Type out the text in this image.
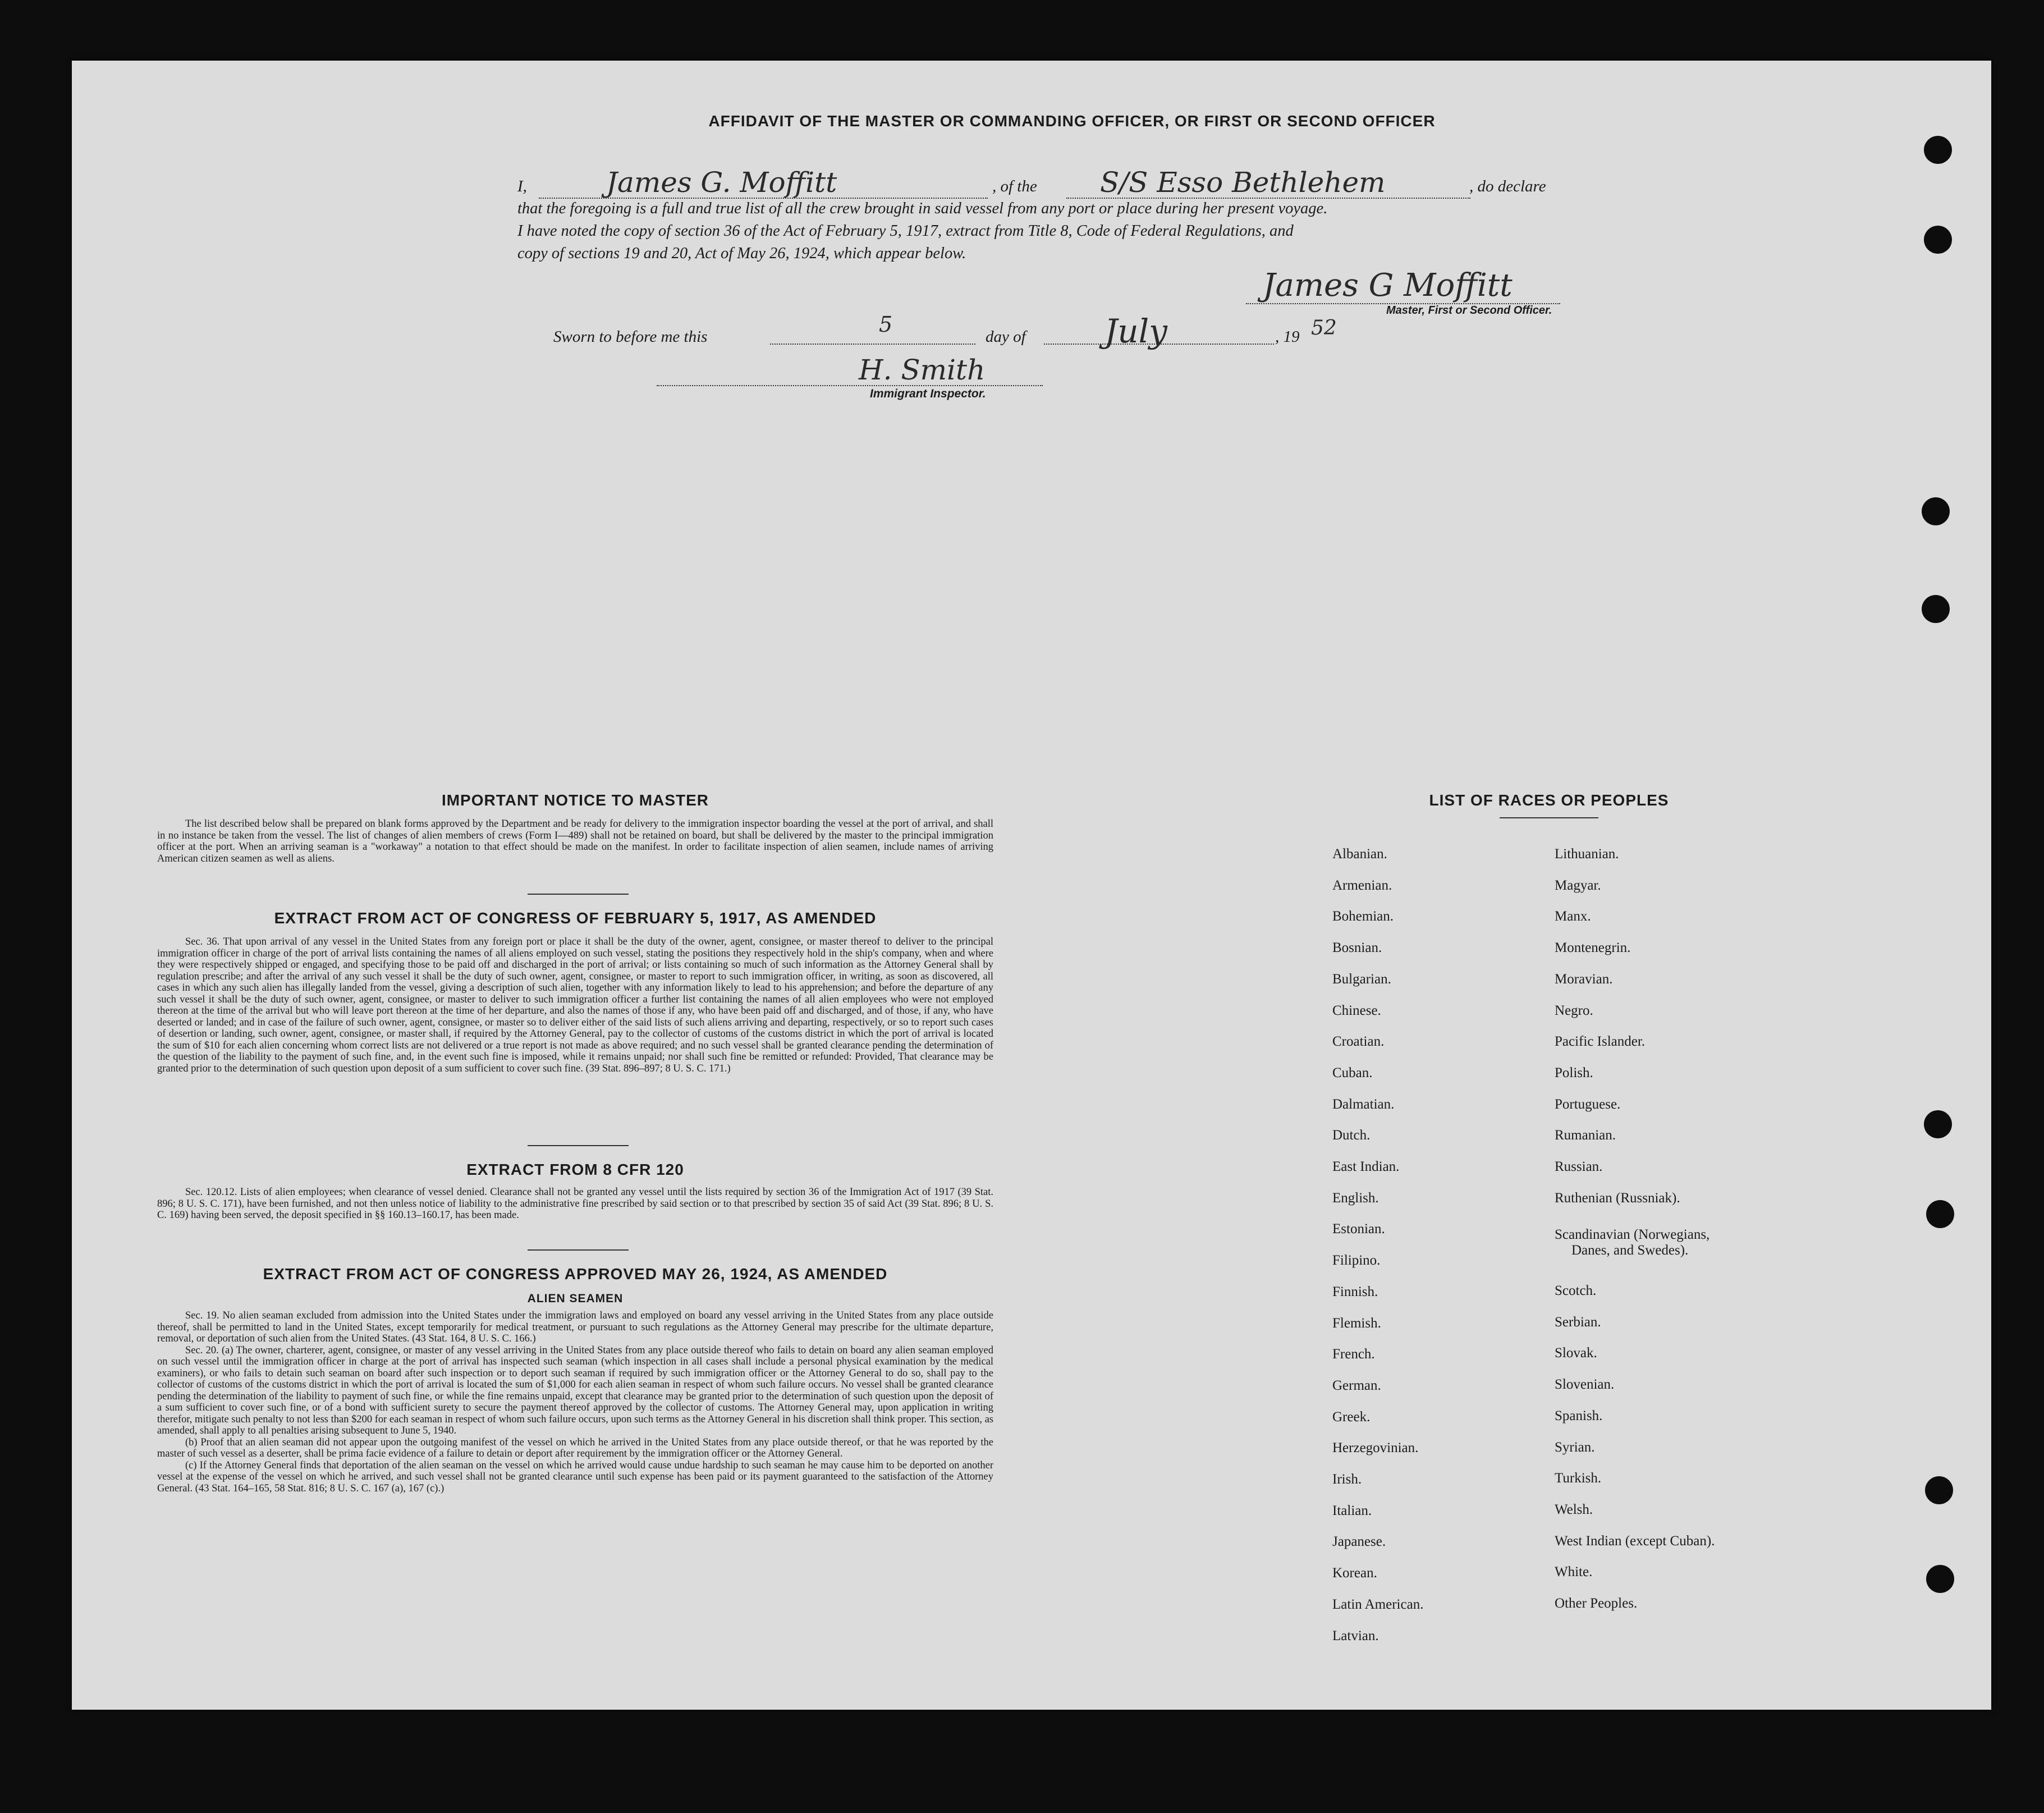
AFFIDAVIT OF THE MASTER OR COMMANDING OFFICER, OR FIRST OR SECOND OFFICER
I,	James G. Moffitt	, of the S/S Esso Bethlehem	, do declare
that the foregoing is a full and true list of all the crew brought in said vessel from any port or place during her present voyage.
I have noted the copy of section 36 of the Act of February 5, 1917, extract from Title 8, Code of Federal Regulations, and
copy of sections 19 and 20, Act of May 26, 1924, which appear below.
James G Moffitt
Master, First or Second Officer.
Sworn to before me this	5	day of July	, 19 52
H. Smith
Immigrant Inspector.
IMPORTANT NOTICE TO MASTER

The list described below shall be prepared on blank forms approved by the Department and be ready for delivery to the immigration inspector boarding the vessel at the port of arrival, and shall in no instance be taken from the vessel. The list of changes of alien members of crews (Form I—489) shall not be retained on board, but shall be delivered by the master to the principal immigration officer at the port. When an arriving seaman is a "workaway" a notation to that effect should be made on the manifest. In order to facilitate inspection of alien seamen, include names of arriving American citizen seamen as well as aliens.

EXTRACT FROM ACT OF CONGRESS OF FEBRUARY 5, 1917, AS AMENDED

Sec. 36. That upon arrival of any vessel in the United States from any foreign port or place it shall be the duty of the owner, agent, consignee, or master thereof to deliver to the principal immigration officer in charge of the port of arrival lists containing the names of all aliens employed on such vessel, stating the positions they respectively hold in the ship's company, when and where they were respectively shipped or engaged, and specifying those to be paid off and discharged in the port of arrival; or lists containing so much of such information as the Attorney General shall by regulation prescribe; and after the arrival of any such vessel it shall be the duty of such owner, agent, consignee, or master to report to such immigration officer, in writing, as soon as discovered, all cases in which any such alien has illegally landed from the vessel, giving a description of such alien, together with any information likely to lead to his apprehension; and before the departure of any such vessel it shall be the duty of such owner, agent, consignee, or master to deliver to such immigration officer a further list containing the names of all alien employees who were not employed thereon at the time of the arrival but who will leave port thereon at the time of her departure, and also the names of those if any, who have been paid off and discharged, and of those, if any, who have deserted or landed; and in case of the failure of such owner, agent, consignee, or master so to deliver either of the said lists of such aliens arriving and departing, respectively, or so to report such cases of desertion or landing, such owner, agent, consignee, or master shall, if required by the Attorney General, pay to the collector of customs of the customs district in which the port of arrival is located the sum of $10 for each alien concerning whom correct lists are not delivered or a true report is not made as above required; and no such vessel shall be granted clearance pending the determination of the question of the liability to the payment of such fine, and, in the event such fine is imposed, while it remains unpaid; nor shall such fine be remitted or refunded: Provided, That clearance may be granted prior to the determination of such question upon deposit of a sum sufficient to cover such fine. (39 Stat. 896–897; 8 U. S. C. 171.)

EXTRACT FROM 8 CFR 120

Sec. 120.12. Lists of alien employees; when clearance of vessel denied. Clearance shall not be granted any vessel until the lists required by section 36 of the Immigration Act of 1917 (39 Stat. 896; 8 U. S. C. 171), have been furnished, and not then unless notice of liability to the administrative fine prescribed by said section or to that prescribed by section 35 of said Act (39 Stat. 896; 8 U. S. C. 169) having been served, the deposit specified in §§ 160.13–160.17, has been made.

EXTRACT FROM ACT OF CONGRESS APPROVED MAY 26, 1924, AS AMENDED
ALIEN SEAMEN

Sec. 19. No alien seaman excluded from admission into the United States under the immigration laws and employed on board any vessel arriving in the United States from any place outside thereof, shall be permitted to land in the United States, except temporarily for medical treatment, or pursuant to such regulations as the Attorney General may prescribe for the ultimate departure, removal, or deportation of such alien from the United States. (43 Stat. 164, 8 U. S. C. 166.)

Sec. 20. (a) The owner, charterer, agent, consignee, or master of any vessel arriving in the United States from any place outside thereof who fails to detain on board any alien seaman employed on such vessel until the immigration officer in charge at the port of arrival has inspected such seaman (which inspection in all cases shall include a personal physical examination by the medical examiners), or who fails to detain such seaman on board after such inspection or to deport such seaman if required by such immigration officer or the Attorney General to do so, shall pay to the collector of customs of the customs district in which the port of arrival is located the sum of $1,000 for each alien seaman in respect of whom such failure occurs. No vessel shall be granted clearance pending the determination of the liability to payment of such fine, or while the fine remains unpaid, except that clearance may be granted prior to the determination of such question upon the deposit of a sum sufficient to cover such fine, or of a bond with sufficient surety to secure the payment thereof approved by the collector of customs. The Attorney General may, upon application in writing therefor, mitigate such penalty to not less than $200 for each seaman in respect of whom such failure occurs, upon such terms as the Attorney General in his discretion shall think proper. This section, as amended, shall apply to all penalties arising subsequent to June 5, 1940.

(b) Proof that an alien seaman did not appear upon the outgoing manifest of the vessel on which he arrived in the United States from any place outside thereof, or that he was reported by the master of such vessel as a deserter, shall be prima facie evidence of a failure to detain or deport after requirement by the immigration officer or the Attorney General.

(c) If the Attorney General finds that deportation of the alien seaman on the vessel on which he arrived would cause undue hardship to such seaman he may cause him to be deported on another vessel at the expense of the vessel on which he arrived, and such vessel shall not be granted clearance until such expense has been paid or its payment guaranteed to the satisfaction of the Attorney General. (43 Stat. 164–165, 58 Stat. 816; 8 U. S. C. 167 (a), 167 (c).)

LIST OF RACES OR PEOPLES
Albanian.
Armenian.
Bohemian.
Bosnian.
Bulgarian.
Chinese.
Croatian.
Cuban.
Dalmatian.
Dutch.
East Indian.
English.
Estonian.
Filipino.
Finnish.
Flemish.
French.
German.
Greek.
Herzegovinian.
Irish.
Italian.
Japanese.
Korean.
Latin American.
Latvian.
Lithuanian.
Magyar.
Manx.
Montenegrin.
Moravian.
Negro.
Pacific Islander.
Polish.
Portuguese.
Rumanian.
Russian.
Ruthenian (Russniak).
Scotch.
Serbian.
Slovak.
Slovenian.
Spanish.
Syrian.
Turkish.
Welsh.
West Indian (except Cuban).
White.
Other Peoples.
Scandinavian (Norwegians,
Danes, and Swedes).
